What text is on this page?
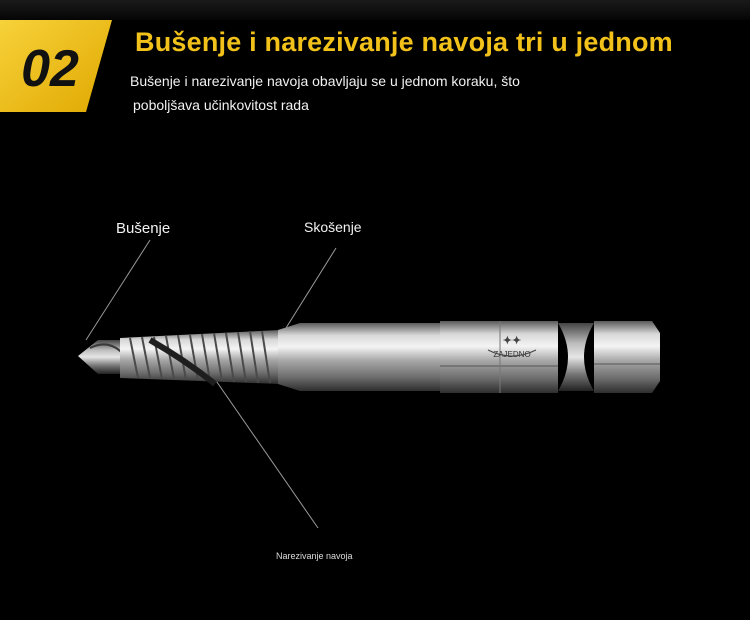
02 Bušenje i narezivanje navoja tri u jednom
Bušenje i narezivanje navoja obavljaju se u jednom koraku, što
poboljšava učinkovitost rada
✦✦
ZAJEDNO
Bušenje	Skošenje
Narezivanje navoja
